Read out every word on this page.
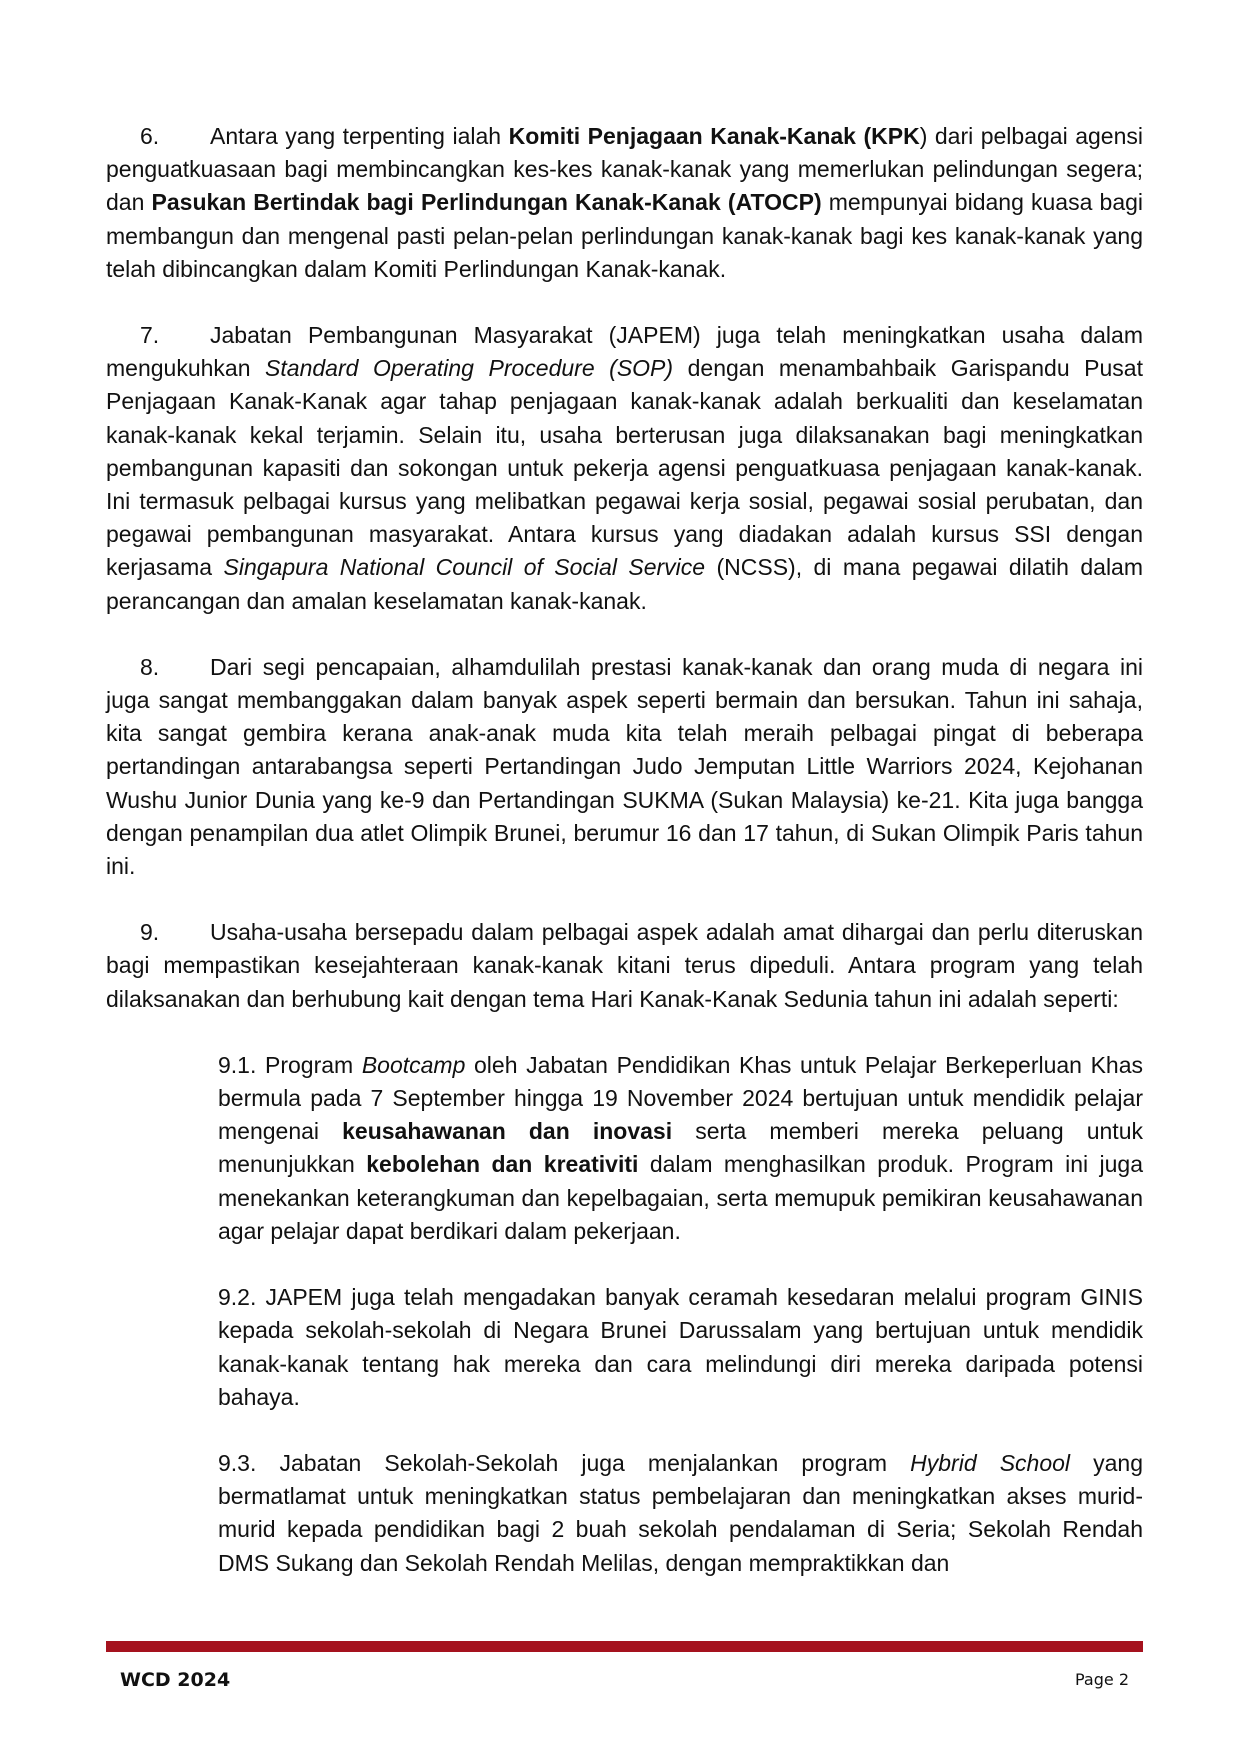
6. Antara yang terpenting ialah Komiti Penjagaan Kanak-Kanak (KPK) dari pelbagai agensi penguatkuasaan bagi membincangkan kes-kes kanak-kanak yang memerlukan pelindungan segera; dan Pasukan Bertindak bagi Perlindungan Kanak-Kanak (ATOCP) mempunyai bidang kuasa bagi membangun dan mengenal pasti pelan-pelan perlindungan kanak-kanak bagi kes kanak-kanak yang telah dibincangkan dalam Komiti Perlindungan Kanak-kanak.
7. Jabatan Pembangunan Masyarakat (JAPEM) juga telah meningkatkan usaha dalam mengukuhkan Standard Operating Procedure (SOP) dengan menambahbaik Garispandu Pusat Penjagaan Kanak-Kanak agar tahap penjagaan kanak-kanak adalah berkualiti dan keselamatan kanak-kanak kekal terjamin. Selain itu, usaha berterusan juga dilaksanakan bagi meningkatkan pembangunan kapasiti dan sokongan untuk pekerja agensi penguatkuasa penjagaan kanak-kanak. Ini termasuk pelbagai kursus yang melibatkan pegawai kerja sosial, pegawai sosial perubatan, dan pegawai pembangunan masyarakat. Antara kursus yang diadakan adalah kursus SSI dengan kerjasama Singapura National Council of Social Service (NCSS), di mana pegawai dilatih dalam perancangan dan amalan keselamatan kanak-kanak.
8. Dari segi pencapaian, alhamdulilah prestasi kanak-kanak dan orang muda di negara ini juga sangat membanggakan dalam banyak aspek seperti bermain dan bersukan. Tahun ini sahaja, kita sangat gembira kerana anak-anak muda kita telah meraih pelbagai pingat di beberapa pertandingan antarabangsa seperti Pertandingan Judo Jemputan Little Warriors 2024, Kejohanan Wushu Junior Dunia yang ke-9 dan Pertandingan SUKMA (Sukan Malaysia) ke-21. Kita juga bangga dengan penampilan dua atlet Olimpik Brunei, berumur 16 dan 17 tahun, di Sukan Olimpik Paris tahun ini.
9. Usaha-usaha bersepadu dalam pelbagai aspek adalah amat dihargai dan perlu diteruskan bagi mempastikan kesejahteraan kanak-kanak kitani terus dipeduli. Antara program yang telah dilaksanakan dan berhubung kait dengan tema Hari Kanak-Kanak Sedunia tahun ini adalah seperti:
9.1. Program Bootcamp oleh Jabatan Pendidikan Khas untuk Pelajar Berkeperluan Khas bermula pada 7 September hingga 19 November 2024 bertujuan untuk mendidik pelajar mengenai keusahawanan dan inovasi serta memberi mereka peluang untuk menunjukkan kebolehan dan kreativiti dalam menghasilkan produk. Program ini juga menekankan keterangkuman dan kepelbagaian, serta memupuk pemikiran keusahawanan agar pelajar dapat berdikari dalam pekerjaan.
9.2. JAPEM juga telah mengadakan banyak ceramah kesedaran melalui program GINIS kepada sekolah-sekolah di Negara Brunei Darussalam yang bertujuan untuk mendidik kanak-kanak tentang hak mereka dan cara melindungi diri mereka daripada potensi bahaya.
9.3. Jabatan Sekolah-Sekolah juga menjalankan program Hybrid School yang bermatlamat untuk meningkatkan status pembelajaran dan meningkatkan akses murid-murid kepada pendidikan bagi 2 buah sekolah pendalaman di Seria; Sekolah Rendah DMS Sukang dan Sekolah Rendah Melilas, dengan mempraktikkan dan
WCD 2024	Page 2
